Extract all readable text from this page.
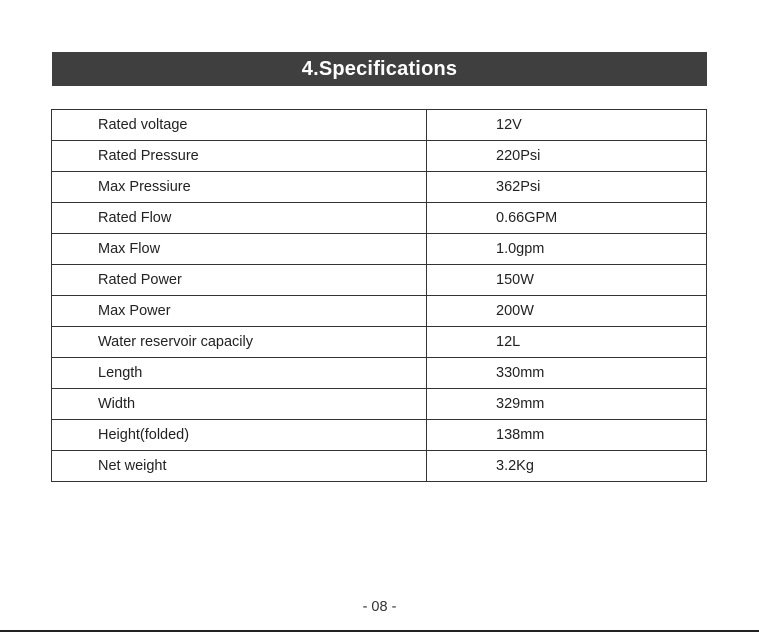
4.Specifications
Rated voltage	12V
Rated Pressure	220Psi
Max Pressiure	362Psi
Rated Flow	0.66GPM
Max Flow	1.0gpm
Rated Power	150W
Max Power	200W
Water reservoir capacily	12L
Length	330mm
Width	329mm
Height(folded)	138mm
Net weight	3.2Kg
- 08 -
